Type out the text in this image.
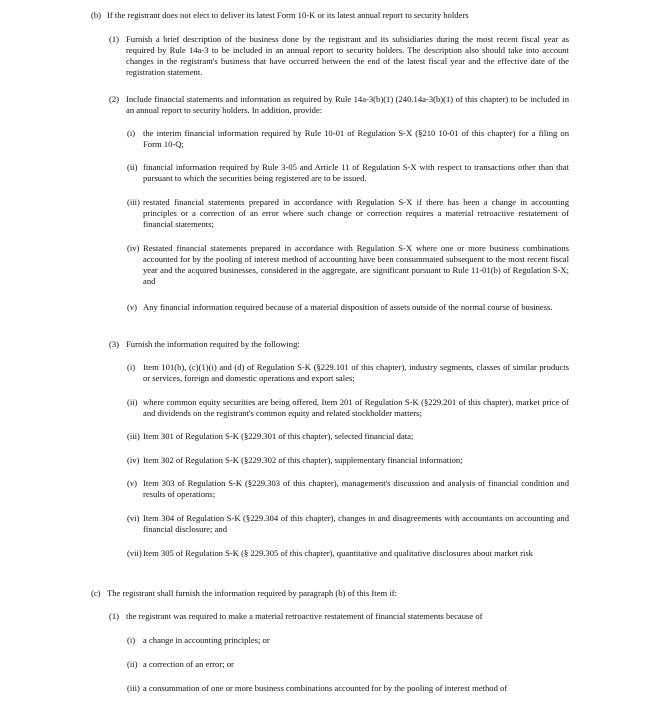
(b) If the registrant does not elect to deliver its latest Form 10-K or its latest annual report to security holders
(1) Furnish a brief description of the business done by the registrant and its subsidiaries during the most recent fiscal year as required by Rule 14a-3 to be included in an annual report to security holders. The description also should take into account changes in the registrant's business that have occurred between the end of the latest fiscal year and the effective date of the registration statement.
(2) Include financial statements and information as required by Rule 14a-3(b)(1) (240.14a-3(b)(1) of this chapter) to be included in an annual report to security holders. In addition, provide:
(i) the interim financial information required by Rule 10-01 of Regulation S-X (§210 10-01 of this chapter) for a filing on Form 10-Q;
(ii) financial information required by Rule 3-05 and Article 11 of Regulation S-X with respect to transactions other than that pursuant to which the securities being registered are to be issued.
(iii) restated financial statements prepared in accordance with Regulation S-X if there has been a change in accounting principles or a correction of an error where such change or correction requires a material retroactive restatement of financial statements;
(iv) Restated financial statements prepared in accordance with Regulation S-X where one or more business combinations accounted for by the pooling of interest method of accounting have been consummated subsequent to the most recent fiscal year and the acquired businesses, considered in the aggregate, are significant pursuant to Rule 11-01(b) of Regulation S-X; and
(v) Any financial information required because of a material disposition of assets outside of the normal course of business.
(3) Furnish the information required by the following:
(i) Item 101(b), (c)(1)(i) and (d) of Regulation S-K (§229.101 of this chapter), industry segments, classes of similar products or services, foreign and domestic operations and export sales;
(ii) where common equity securities are being offered, Item 201 of Regulation S-K (§229.201 of this chapter), market price of and dividends on the registrant's common equity and related stockholder matters;
(iii) Item 301 of Regulation S-K (§229.301 of this chapter), selected financial data;
(iv) Item 302 of Regulation S-K (§229.302 of this chapter), supplementary financial information;
(v) Item 303 of Regulation S-K (§229.303 of this chapter), management's discussion and analysis of financial condition and results of operations;
(vi) Item 304 of Regulation S-K (§229.304 of this chapter), changes in and disagreements with accountants on accounting and financial disclosure; and
(vii) Item 305 of Regulation S-K (§ 229.305 of this chapter), quantitative and qualitative disclosures about market risk
(c) The registrant shall furnish the information required by paragraph (b) of this Item if:
(1) the registrant was required to make a material retroactive restatement of financial statements because of
(i) a change in accounting principles; or
(ii) a correction of an error; or
(iii) a consummation of one or more business combinations accounted for by the pooling of interest method of
